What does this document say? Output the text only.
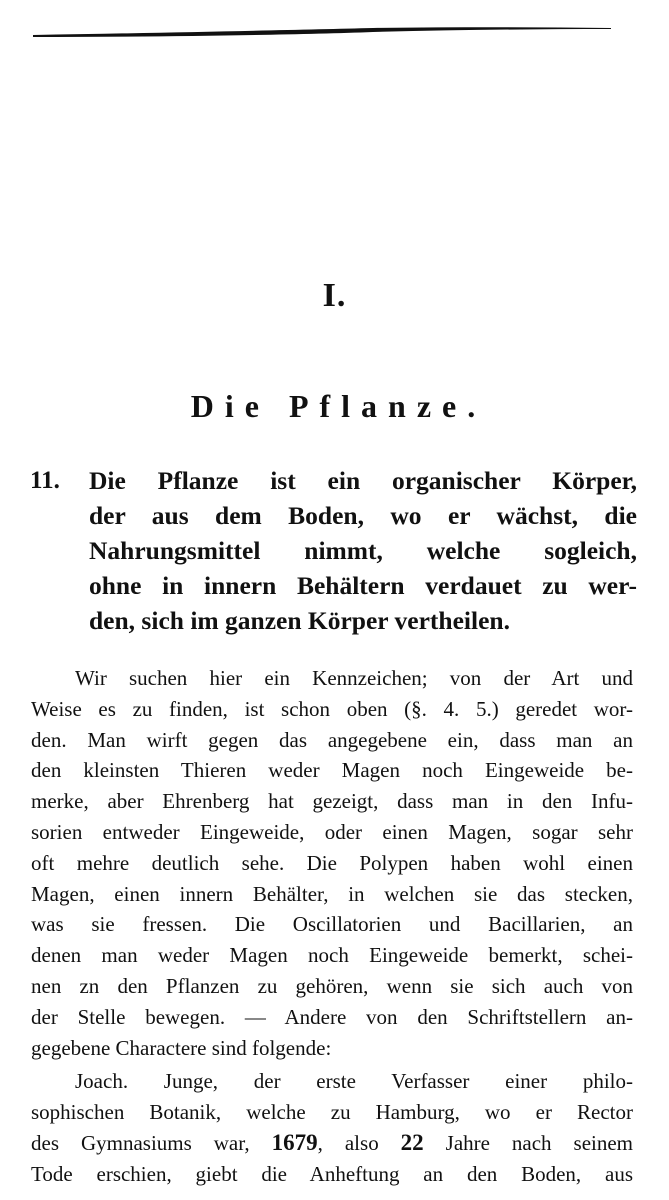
I.
Die Pflanze.
11. Die Pflanze ist ein organischer Körper,
der aus dem Boden, wo er wächst, die
Nahrungsmittel nimmt, welche sogleich,
ohne in innern Behältern verdauet zu wer-
den, sich im ganzen Körper vertheilen.
Wir suchen hier ein Kennzeichen; von der Art und
Weise es zu finden, ist schon oben (§. 4. 5.) geredet wor-
den. Man wirft gegen das angegebene ein, dass man an
den kleinsten Thieren weder Magen noch Eingeweide be-
merke, aber Ehrenberg hat gezeigt, dass man in den Infu-
sorien entweder Eingeweide, oder einen Magen, sogar sehr
oft mehre deutlich sehe. Die Polypen haben wohl einen
Magen, einen innern Behälter, in welchen sie das stecken,
was sie fressen. Die Oscillatorien und Bacillarien, an
denen man weder Magen noch Eingeweide bemerkt, schei-
nen zn den Pflanzen zu gehören, wenn sie sich auch von
der Stelle bewegen. — Andere von den Schriftstellern an-
gegebene Charactere sind folgende:
Joach. Junge, der erste Verfasser einer philo-
sophischen Botanik, welche zu Hamburg, wo er Rector
des Gymnasiums war, 1679, also 22 Jahre nach seinem
Tode erschien, giebt die Anheftung an den Boden, aus
